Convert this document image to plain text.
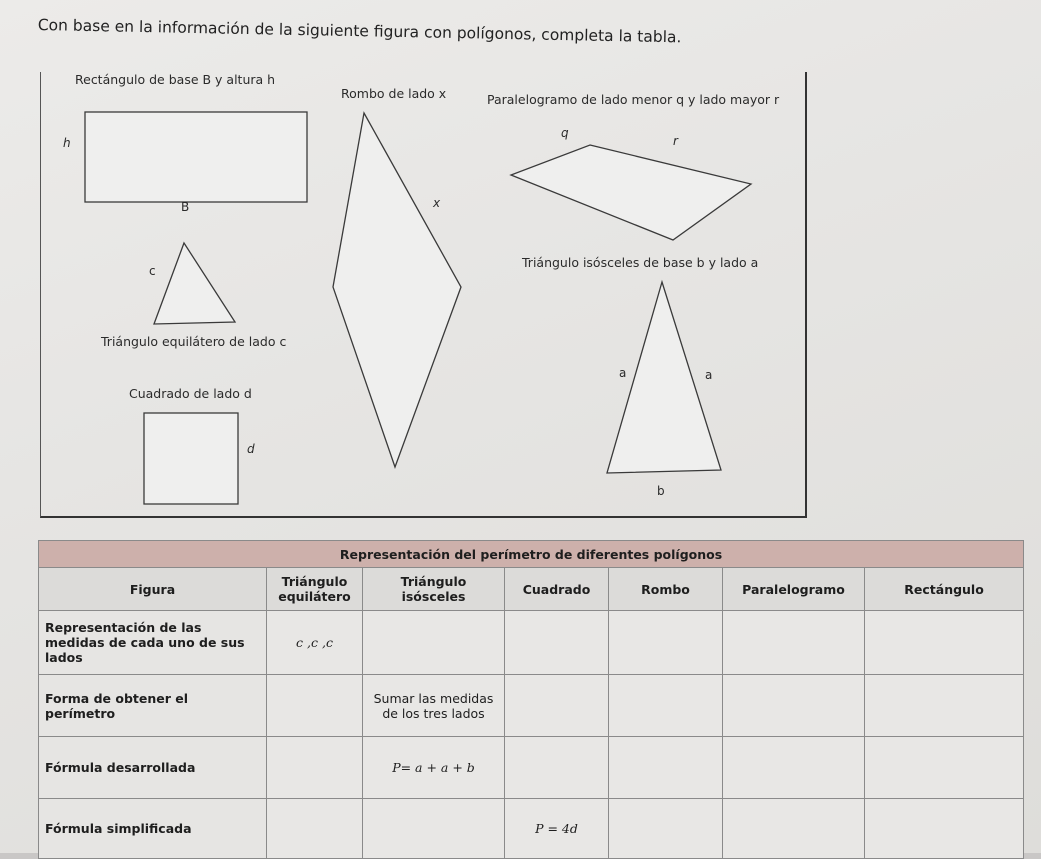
Con base en la información de la siguiente figura con polígonos, completa la tabla.
Rectángulo de base B y altura h
Rombo de lado x	Paralelogramo de lado menor q y lado mayor r
Triángulo equilátero de lado c
Triángulo isósceles de base b y lado a
Cuadrado de lado d
h
B	x
q
r
c
a	a
b
d
Representación del perímetro de diferentes polígonos						
Figura	Triángulo equilátero	Triángulo isósceles	Cuadrado	Rombo	Paralelogramo	Rectángulo
Representación de las medidas de cada uno de sus lados	c ,c ,c					
Forma de obtener el perímetro		Sumar las medidas de los tres lados				
Fórmula desarrollada		P= a + a + b				
Fórmula simplificada			P = 4d			
